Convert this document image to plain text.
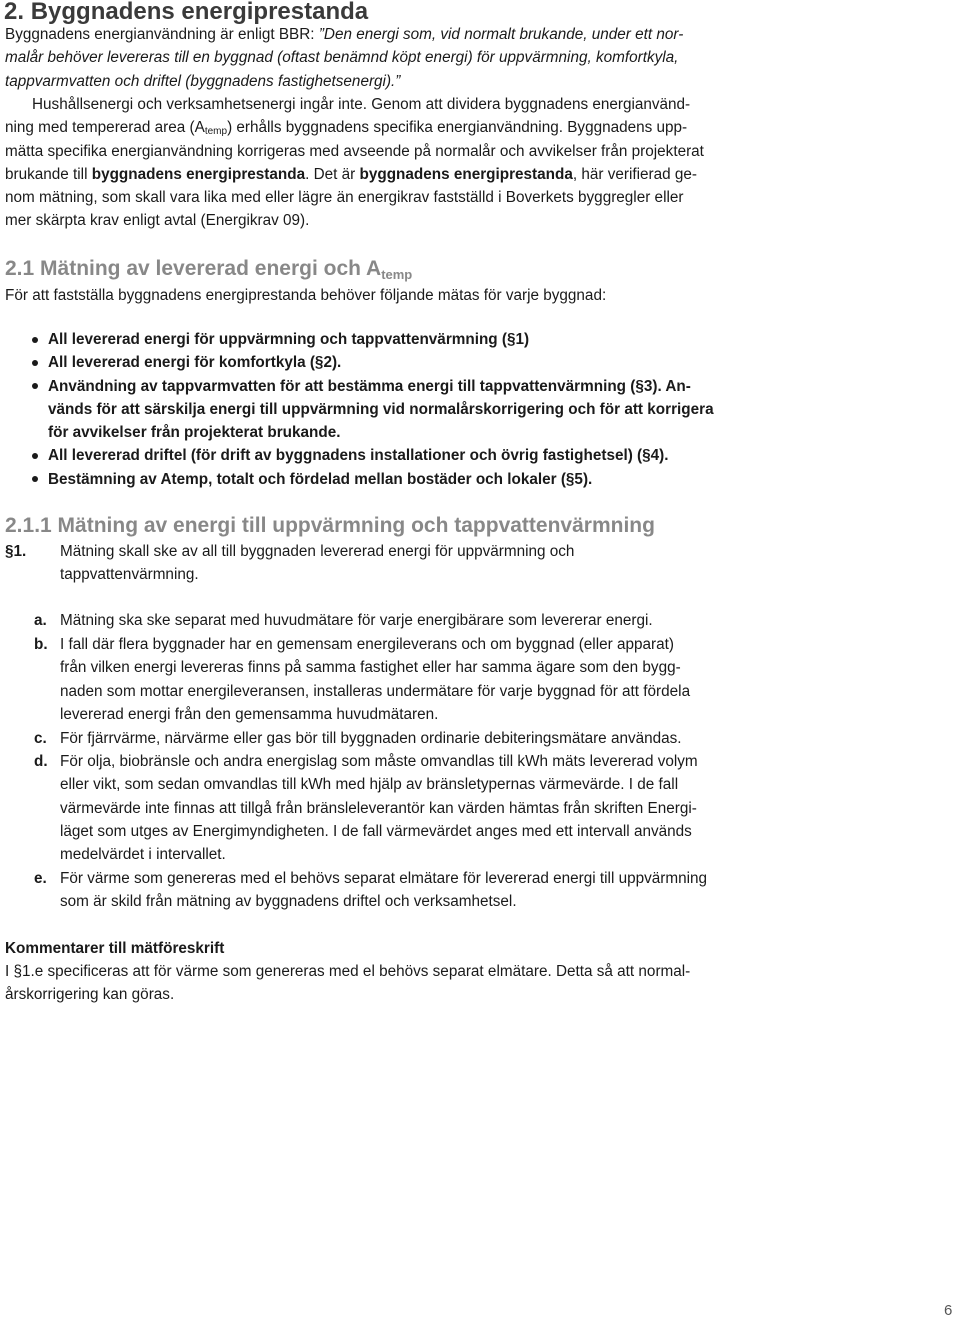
2. Byggnadens energiprestanda

Byggnadens energianvändning är enligt BBR: ”Den energi som, vid normalt brukande, under ett nor-
malår behöver levereras till en byggnad (oftast benämnd köpt energi) för uppvärmning, komfortkyla,
tappvarmvatten och driftel (byggnadens fastighetsenergi).”

Hushållsenergi och verksamhetsenergi ingår inte. Genom att dividera byggnadens energianvänd-
ning med tempererad area $(A_{temp})$ erhålls byggnadens specifika energianvändning. Byggnadens upp-
mätta specifika energianvändning korrigeras med avseende på normalår och avvikelser från projekterat
brukande till byggnadens energiprestanda. Det är byggnadens energiprestanda, här verifierad ge-
nom mätning, som skall vara lika med eller lägre än energikrav fastställd i Boverkets byggregler eller
mer skärpta krav enligt avtal (Energikrav 09).

2.1 Mätning av levererad energi och $A_{temp}$

För att fastställa byggnadens energiprestanda behöver följande mätas för varje byggnad:

All levererad energi för uppvärmning och tappvattenvärmning (§1)
All levererad energi för komfortkyla (§2).
Användning av tappvarmvatten för att bestämma energi till tappvattenvärmning (§3). An-
vänds för att särskilja energi till uppvärmning vid normalårskorrigering och för att korrigera
för avvikelser från projekterat brukande.
All levererad driftel (för drift av byggnadens installationer och övrig fastighetsel) (§4).
Bestämning av Atemp, totalt och fördelad mellan bostäder och lokaler (§5).
2.1.1 Mätning av energi till uppvärmning och tappvattenvärmning
§1. Mätning skall ske av all till byggnaden levererad energi för uppvärmning och
tappvattenvärmning.
a. Mätning ska ske separat med huvudmätare för varje energibärare som levererar energi.
b. I fall där flera byggnader har en gemensam energileverans och om byggnad (eller apparat)
från vilken energi levereras finns på samma fastighet eller har samma ägare som den bygg-
naden som mottar energileveransen, installeras undermätare för varje byggnad för att fördela
levererad energi från den gemensamma huvudmätaren.
c. För fjärrvärme, närvärme eller gas bör till byggnaden ordinarie debiteringsmätare användas.
d. För olja, biobränsle och andra energislag som måste omvandlas till kWh mäts levererad volym
eller vikt, som sedan omvandlas till kWh med hjälp av bränsletypernas värmevärde. I de fall
värmevärde inte finnas att tillgå från bränsleleverantör kan värden hämtas från skriften Energi-
läget som utges av Energimyndigheten. I de fall värmevärdet anges med ett intervall används
medelvärdet i intervallet.
e. För värme som genereras med el behövs separat elmätare för levererad energi till uppvärmning
som är skild från mätning av byggnadens driftel och verksamhetsel.

Kommentarer till mätföreskrift

I §1.e specificeras att för värme som genereras med el behövs separat elmätare. Detta så att normal-
årskorrigering kan göras.

6
